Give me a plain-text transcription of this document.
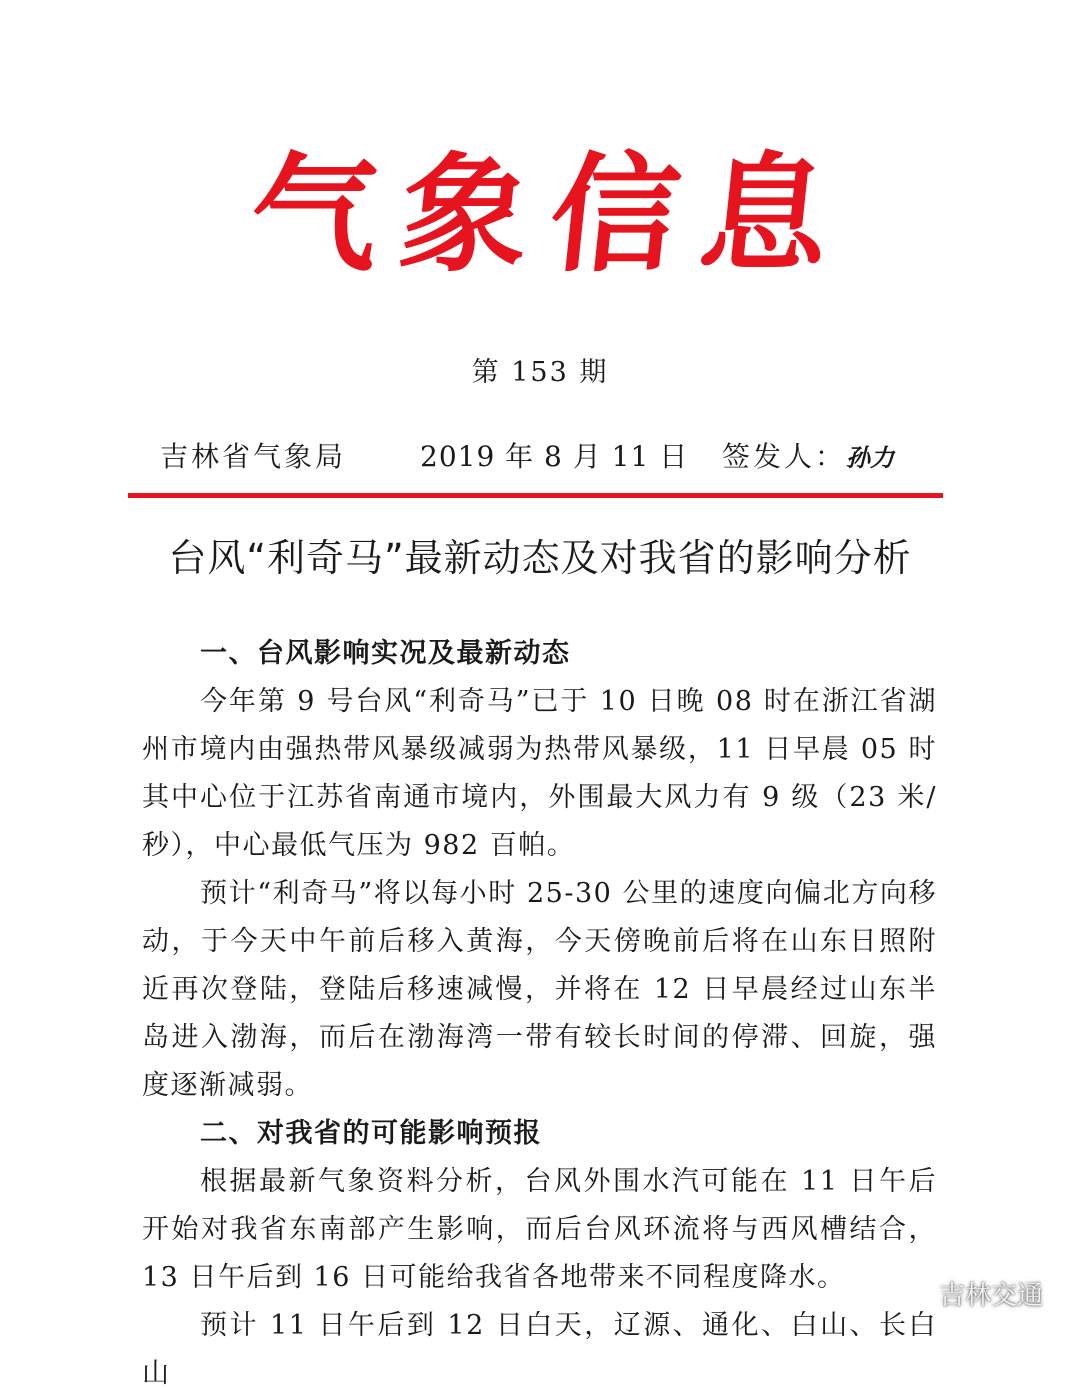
气象信息
第 153 期
吉林省气象局	2019 年 8 月 11 日 签发人：孙力
台风“利奇马”最新动态及对我省的影响分析
一、台风影响实况及最新动态

今年第 9 号台风“利奇马”已于 10 日晚 08 时在浙江省湖州市境内由强热带风暴级减弱为热带风暴级，11 日早晨 05 时其中心位于江苏省南通市境内，外围最大风力有 9 级（23 米/秒），中心最低气压为 982 百帕。

预计“利奇马”将以每小时 25-30 公里的速度向偏北方向移动，于今天中午前后移入黄海，今天傍晚前后将在山东日照附近再次登陆，登陆后移速减慢，并将在 12 日早晨经过山东半岛进入渤海，而后在渤海湾一带有较长时间的停滞、回旋，强度逐渐减弱。

二、对我省的可能影响预报

根据最新气象资料分析，台风外围水汽可能在 11 日午后开始对我省东南部产生影响，而后台风环流将与西风槽结合，13 日午后到 16 日可能给我省各地带来不同程度降水。

预计 11 日午后到 12 日白天，辽源、通化、白山、长白山

吉林交通
